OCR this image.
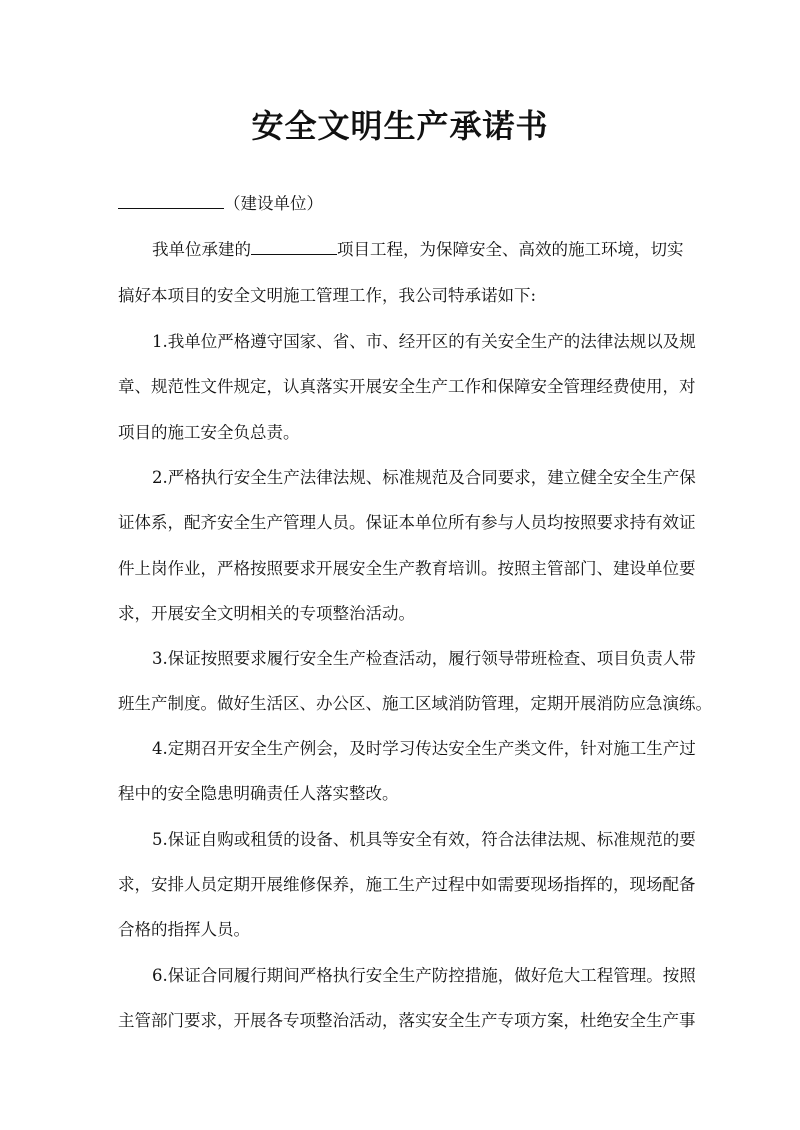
安全文明生产承诺书
（建设单位）
我单位承建的	项目工程，为保障安全、高效的施工环境，切实
搞好本项目的安全文明施工管理工作，我公司特承诺如下:
1.我单位严格遵守国家、省、市、经开区的有关安全生产的法律法规以及规
章、规范性文件规定，认真落实开展安全生产工作和保障安全管理经费使用，对
项目的施工安全负总责。
2.严格执行安全生产法律法规、标准规范及合同要求，建立健全安全生产保
证体系，配齐安全生产管理人员。保证本单位所有参与人员均按照要求持有效证
件上岗作业，严格按照要求开展安全生产教育培训。按照主管部门、建设单位要
求，开展安全文明相关的专项整治活动。
3.保证按照要求履行安全生产检查活动，履行领导带班检查、项目负责人带
班生产制度。做好生活区、办公区、施工区域消防管理，定期开展消防应急演练。
4.定期召开安全生产例会，及时学习传达安全生产类文件，针对施工生产过
程中的安全隐患明确责任人落实整改。
5.保证自购或租赁的设备、机具等安全有效，符合法律法规、标准规范的要
求，安排人员定期开展维修保养，施工生产过程中如需要现场指挥的，现场配备
合格的指挥人员。
6.保证合同履行期间严格执行安全生产防控措施，做好危大工程管理。按照
主管部门要求，开展各专项整治活动，落实安全生产专项方案，杜绝安全生产事
